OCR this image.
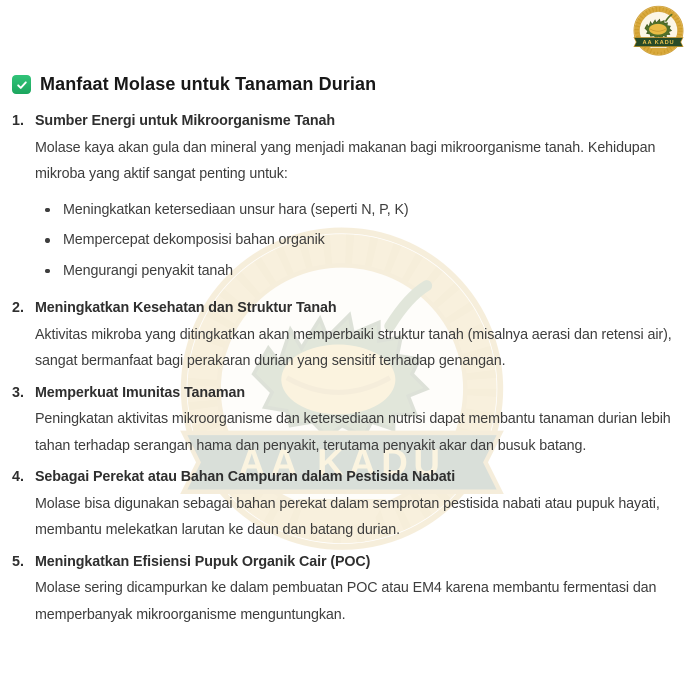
Manfaat Molase untuk Tanaman Durian
1. Sumber Energi untuk Mikroorganisme Tanah

Molase kaya akan gula dan mineral yang menjadi makanan bagi mikroorganisme tanah. Kehidupan mikroba yang aktif sangat penting untuk:

Meningkatkan ketersediaan unsur hara (seperti N, P, K)
Mempercepat dekomposisi bahan organik
Mengurangi penyakit tanah
2. Meningkatkan Kesehatan dan Struktur Tanah

Aktivitas mikroba yang ditingkatkan akan memperbaiki struktur tanah (misalnya aerasi dan retensi air), sangat bermanfaat bagi perakaran durian yang sensitif terhadap genangan.

3. Memperkuat Imunitas Tanaman

Peningkatan aktivitas mikroorganisme dan ketersediaan nutrisi dapat membantu tanaman durian lebih tahan terhadap serangan hama dan penyakit, terutama penyakit akar dan busuk batang.

4. Sebagai Perekat atau Bahan Campuran dalam Pestisida Nabati

Molase bisa digunakan sebagai bahan perekat dalam semprotan pestisida nabati atau pupuk hayati, membantu melekatkan larutan ke daun dan batang durian.

5. Meningkatkan Efisiensi Pupuk Organik Cair (POC)

Molase sering dicampurkan ke dalam pembuatan POC atau EM4 karena membantu fermentasi dan memperbanyak mikroorganisme menguntungkan.
